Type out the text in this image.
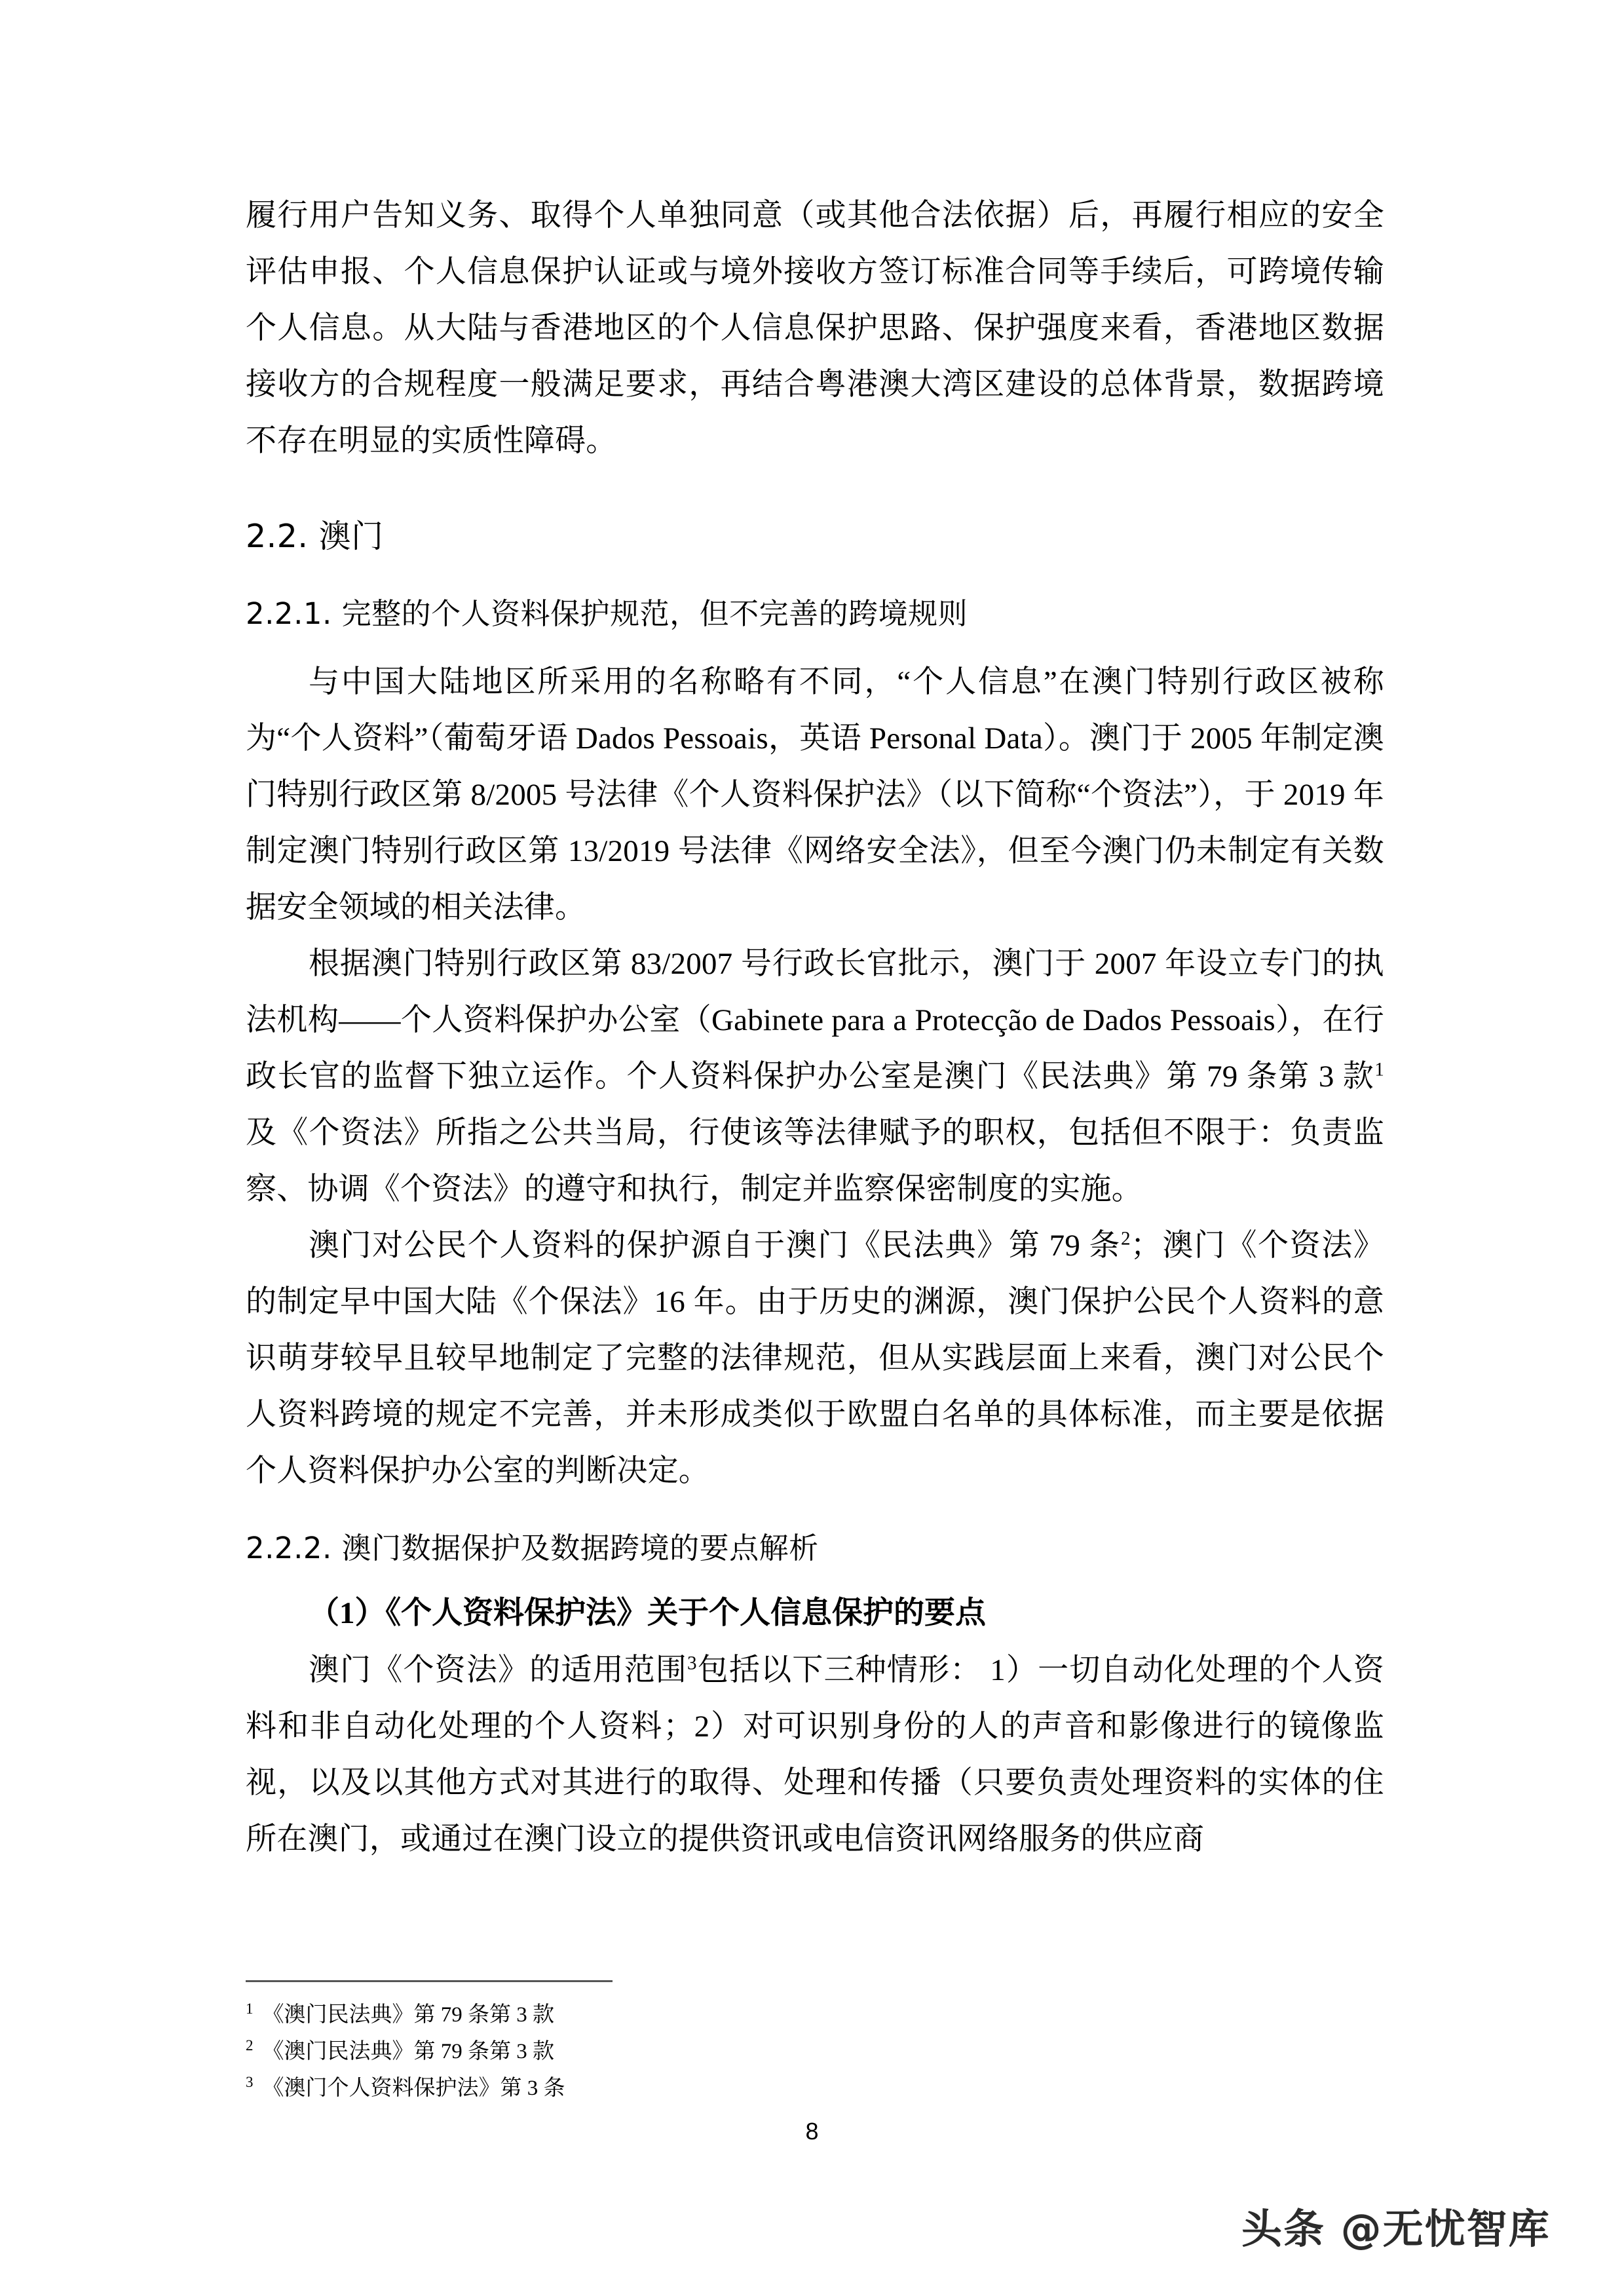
履行用户告知义务、取得个人单独同意（或其他合法依据）后，再履行相应的安全评估申报、个人信息保护认证或与境外接收方签订标准合同等手续后，可跨境传输个人信息。从大陆与香港地区的个人信息保护思路、保护强度来看，香港地区数据接收方的合规程度一般满足要求，再结合粤港澳大湾区建设的总体背景，数据跨境不存在明显的实质性障碍。

2.2. 澳门
2.2.1. 完整的个人资料保护规范，但不完善的跨境规则

与中国大陆地区所采用的名称略有不同，“个人信息”在澳门特别行政区被称为“个人资料”（葡萄牙语 Dados Pessoais，英语 Personal Data）。澳门于 2005 年制定澳门特别行政区第 8/2005 号法律《个人资料保护法》（以下简称“个资法”），于 2019 年制定澳门特别行政区第 13/2019 号法律《网络安全法》，但至今澳门仍未制定有关数据安全领域的相关法律。

根据澳门特别行政区第 83/2007 号行政长官批示，澳门于 2007 年设立专门的执法机构——个人资料保护办公室（Gabinete para a Protecção de Dados Pessoais），在行政长官的监督下独立运作。个人资料保护办公室是澳门《民法典》第 79 条第 3 款$^1$及《个资法》所指之公共当局，行使该等法律赋予的职权，包括但不限于：负责监察、协调《个资法》的遵守和执行，制定并监察保密制度的实施。

澳门对公民个人资料的保护源自于澳门《民法典》第 79 条$^2$；澳门《个资法》的制定早中国大陆《个保法》16 年。由于历史的渊源，澳门保护公民个人资料的意识萌芽较早且较早地制定了完整的法律规范，但从实践层面上来看，澳门对公民个人资料跨境的规定不完善，并未形成类似于欧盟白名单的具体标准，而主要是依据个人资料保护办公室的判断决定。

2.2.2. 澳门数据保护及数据跨境的要点解析
（1）《个人资料保护法》关于个人信息保护的要点

澳门《个资法》的适用范围$^3$包括以下三种情形： 1）一切自动化处理的个人资料和非自动化处理的个人资料；2）对可识别身份的人的声音和影像进行的镜像监视，以及以其他方式对其进行的取得、处理和传播（只要负责处理资料的实体的住所在澳门，或通过在澳门设立的提供资讯或电信资讯网络服务的供应商

$^1$ 《澳门民法典》第 79 条第 3 款

$^2$ 《澳门民法典》第 79 条第 3 款

$^3$ 《澳门个人资料保护法》第 3 条

8
头条 @无忧智库
